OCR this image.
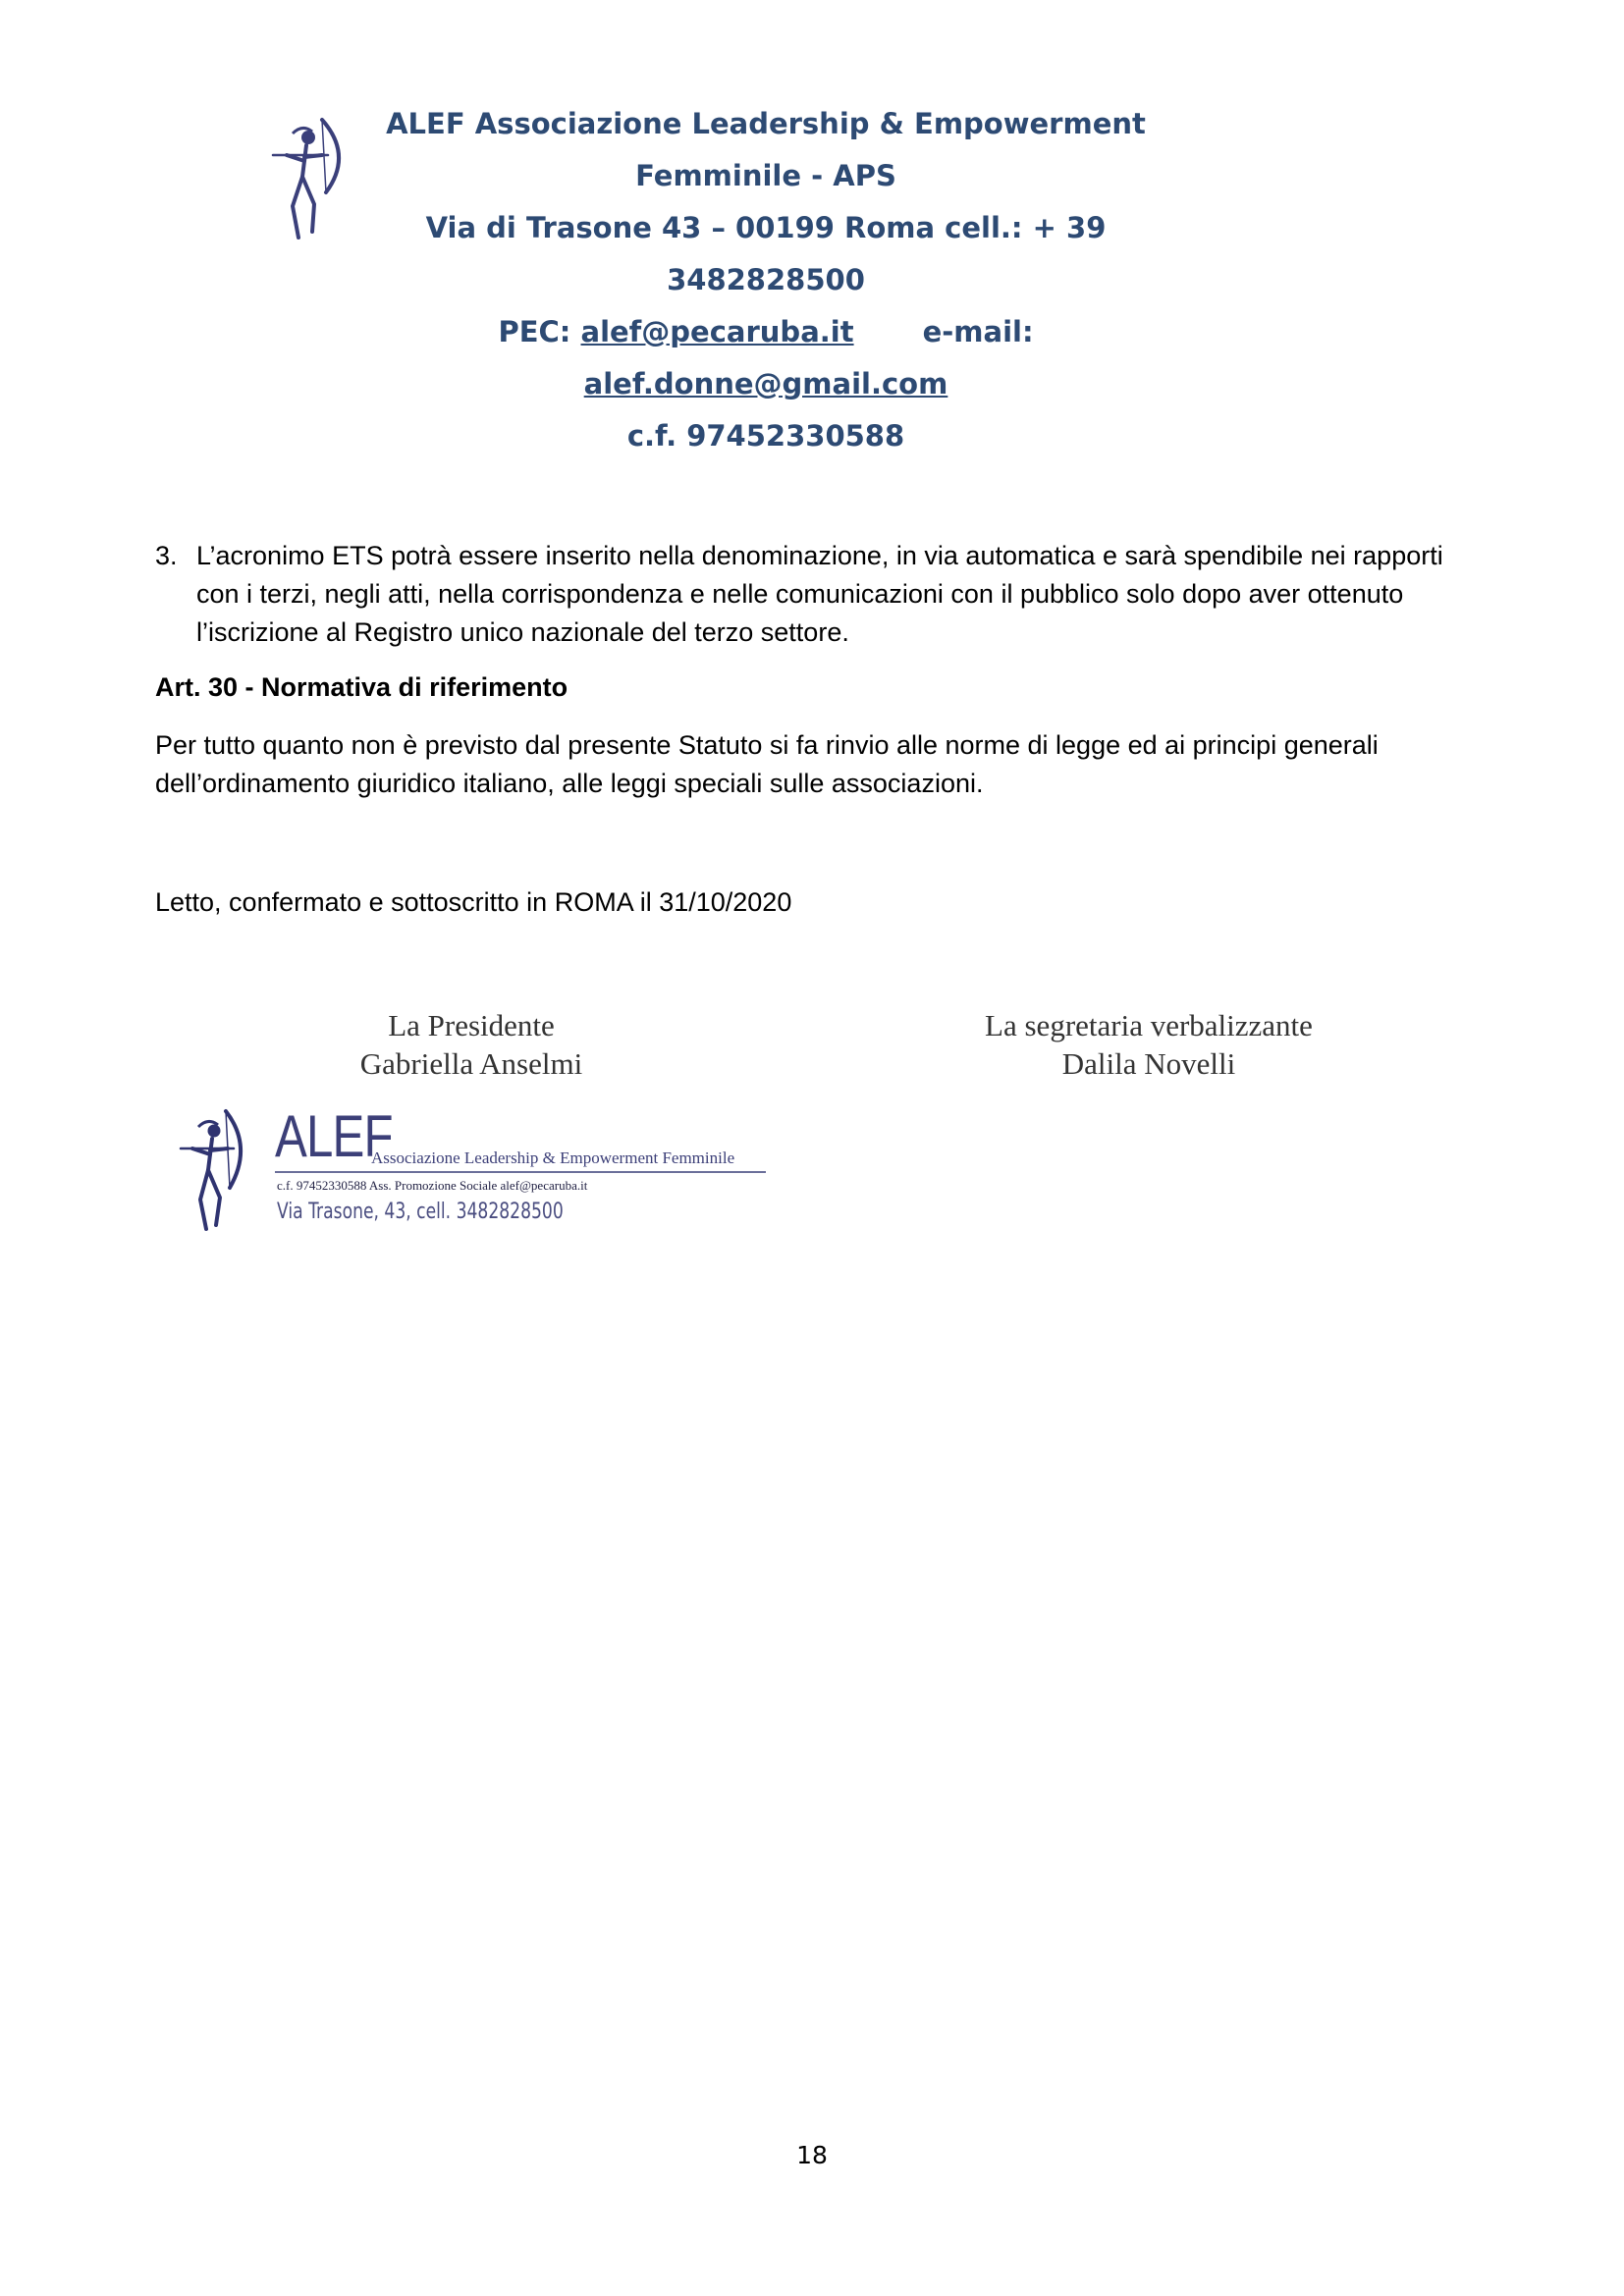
ALEF Associazione Leadership & Empowerment
Femminile - APS
Via di Trasone 43 – 00199 Roma cell.: + 39
3482828500
PEC: alef@pecaruba.it e-mail:
alef.donne@gmail.com
c.f. 97452330588
3. L’acronimo ETS potrà essere inserito nella denominazione, in via automatica e sarà spendibile nei rapporti con i terzi, negli atti, nella corrispondenza e nelle comunicazioni con il pubblico solo dopo aver ottenuto l’iscrizione al Registro unico nazionale del terzo settore.
Art. 30 - Normativa di riferimento
Per tutto quanto non è previsto dal presente Statuto si fa rinvio alle norme di legge ed ai principi generali dell’ordinamento giuridico italiano, alle leggi speciali sulle associazioni.
Letto, confermato e sottoscritto in ROMA il 31/10/2020
La Presidente
Gabriella Anselmi
La segretaria verbalizzante
Dalila Novelli
ALEF
Associazione Leadership & Empowerment Femminile
c.f. 97452330588 Ass. Promozione Sociale alef@pecaruba.it
Via Trasone, 43, cell. 3482828500
18
